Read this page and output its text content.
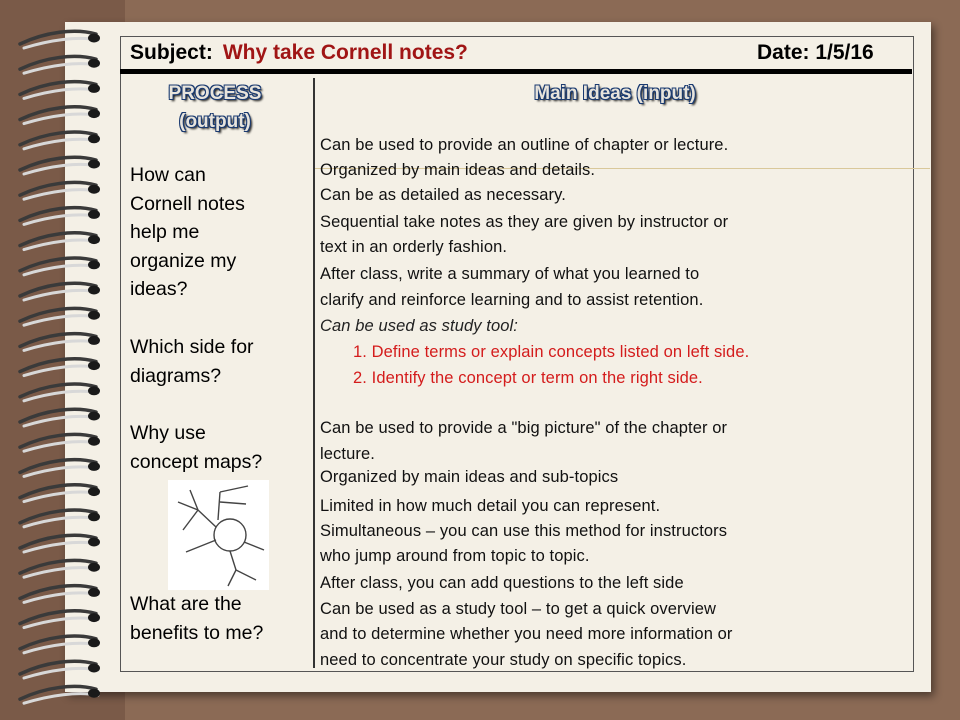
Subject: Why take Cornell notes?	Date: 1/5/16
PROCESS
(output)
Main Ideas (input)
How can
Cornell notes
help me
organize my
ideas?
Which side for
diagrams?
Why use
concept maps?
What are the
benefits to me?
Can be used to provide an outline of chapter or lecture.
Organized by main ideas and details.
Can be as detailed as necessary.
Sequential take notes as they are given by instructor or
text in an orderly fashion.
After class, write a summary of what you learned to
clarify and reinforce learning and to assist retention.
Can be used as study tool:
1. Define terms or explain concepts listed on left side.
2. Identify the concept or term on the right side.
Can be used to provide a "big picture" of the chapter or
lecture.
Organized by main ideas and sub-topics
Limited in how much detail you can represent.
Simultaneous – you can use this method for instructors
who jump around from topic to topic.
After class, you can add questions to the left side
Can be used as a study tool – to get a quick overview
and to determine whether you need more information or
need to concentrate your study on specific topics.
